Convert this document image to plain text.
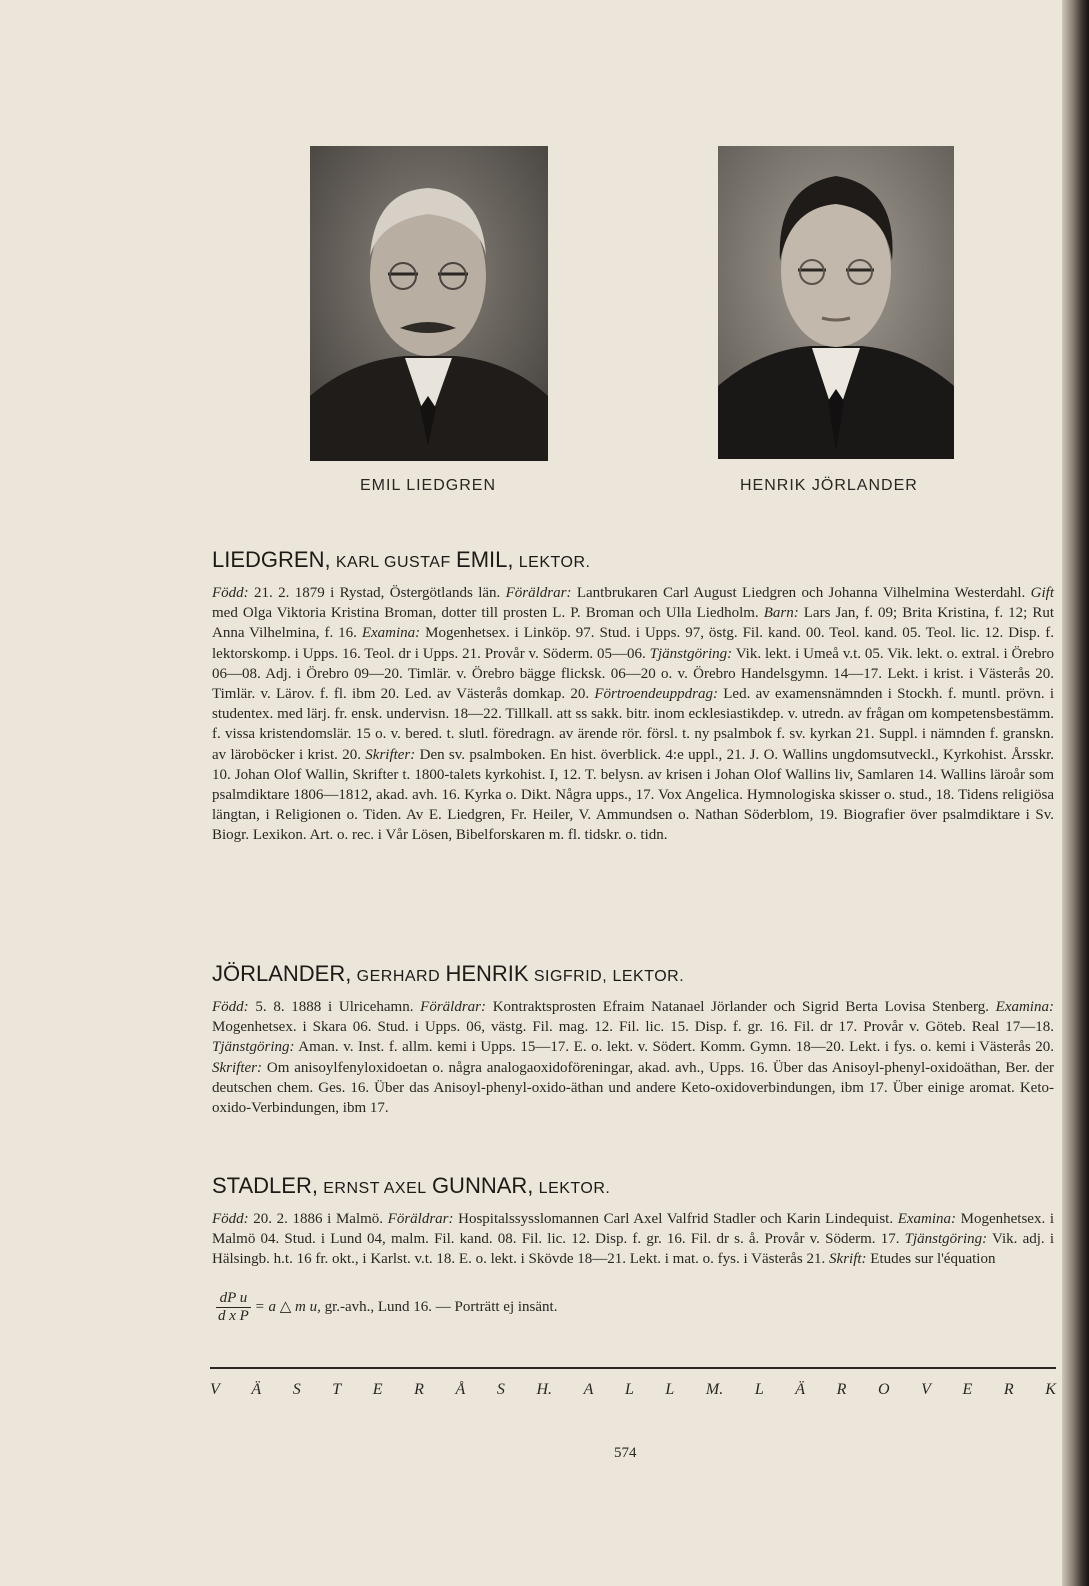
EMIL LIEDGREN	HENRIK JÖRLANDER
LIEDGREN, KARL GUSTAF EMIL, LEKTOR.
Född: 21. 2. 1879 i Rystad, Östergötlands län. Föräldrar: Lantbrukaren Carl August Liedgren och Johanna Vilhelmina Westerdahl. Gift med Olga Viktoria Kristina Broman, dotter till prosten L. P. Broman och Ulla Liedholm. Barn: Lars Jan, f. 09; Brita Kristina, f. 12; Rut Anna Vilhelmina, f. 16. Examina: Mogenhetsex. i Linköp. 97. Stud. i Upps. 97, östg. Fil. kand. 00. Teol. kand. 05. Teol. lic. 12. Disp. f. lektorskomp. i Upps. 16. Teol. dr i Upps. 21. Provår v. Söderm. 05—06. Tjänstgöring: Vik. lekt. i Umeå v.t. 05. Vik. lekt. o. extral. i Örebro 06—08. Adj. i Örebro 09—20. Timlär. v. Örebro bägge flicksk. 06—20 o. v. Örebro Handelsgymn. 14—17. Lekt. i krist. i Västerås 20. Timlär. v. Lärov. f. fl. ibm 20. Led. av Västerås domkap. 20. Förtroendeuppdrag: Led. av examensnämnden i Stockh. f. muntl. prövn. i studentex. med lärj. fr. ensk. undervisn. 18—22. Tillkall. att ss sakk. bitr. inom ecklesiastikdep. v. utredn. av frågan om kompetensbestämm. f. vissa kristendomslär. 15 o. v. bered. t. slutl. föredragn. av ärende rör. försl. t. ny psalmbok f. sv. kyrkan 21. Suppl. i nämnden f. granskn. av läroböcker i krist. 20. Skrifter: Den sv. psalmboken. En hist. överblick. 4:e uppl., 21. J. O. Wallins ungdomsutveckl., Kyrkohist. Årsskr. 10. Johan Olof Wallin, Skrifter t. 1800-talets kyrkohist. I, 12. T. belysn. av krisen i Johan Olof Wallins liv, Samlaren 14. Wallins läroår som psalmdiktare 1806—1812, akad. avh. 16. Kyrka o. Dikt. Några upps., 17. Vox Angelica. Hymnologiska skisser o. stud., 18. Tidens religiösa längtan, i Religionen o. Tiden. Av E. Liedgren, Fr. Heiler, V. Ammundsen o. Nathan Söderblom, 19. Biografier över psalmdiktare i Sv. Biogr. Lexikon. Art. o. rec. i Vår Lösen, Bibelforskaren m. fl. tidskr. o. tidn.
JÖRLANDER, GERHARD HENRIK SIGFRID, LEKTOR.
Född: 5. 8. 1888 i Ulricehamn. Föräldrar: Kontraktsprosten Efraim Natanael Jörlander och Sigrid Berta Lovisa Stenberg. Examina: Mogenhetsex. i Skara 06. Stud. i Upps. 06, västg. Fil. mag. 12. Fil. lic. 15. Disp. f. gr. 16. Fil. dr 17. Provår v. Göteb. Real 17—18. Tjänstgöring: Aman. v. Inst. f. allm. kemi i Upps. 15—17. E. o. lekt. v. Södert. Komm. Gymn. 18—20. Lekt. i fys. o. kemi i Västerås 20. Skrifter: Om anisoylfenyloxidoetan o. några analogaoxidoföreningar, akad. avh., Upps. 16. Über das Anisoyl-phenyl-oxidoäthan, Ber. der deutschen chem. Ges. 16. Über das Anisoyl-phenyl-oxido-äthan und andere Keto-oxidoverbindungen, ibm 17. Über einige aromat. Keto-oxido-Verbindungen, ibm 17.
STADLER, ERNST AXEL GUNNAR, LEKTOR.
Född: 20. 2. 1886 i Malmö. Föräldrar: Hospitalssysslomannen Carl Axel Valfrid Stadler och Karin Lindequist. Examina: Mogenhetsex. i Malmö 04. Stud. i Lund 04, malm. Fil. kand. 08. Fil. lic. 12. Disp. f. gr. 16. Fil. dr s. å. Provår v. Söderm. 17. Tjänstgöring: Vik. adj. i Hälsingb. h.t. 16 fr. okt., i Karlst. v.t. 18. E. o. lekt. i Skövde 18—21. Lekt. i mat. o. fys. i Västerås 21. Skrift: Etudes sur l'équation
$\frac{\text{dP u}}{\text{d x P}} = a$ △ m u, gr.-avh., Lund 16. — Porträtt ej insänt.
V Ä S T E R Å S H. A L L M. L Ä R O V E R K
574
